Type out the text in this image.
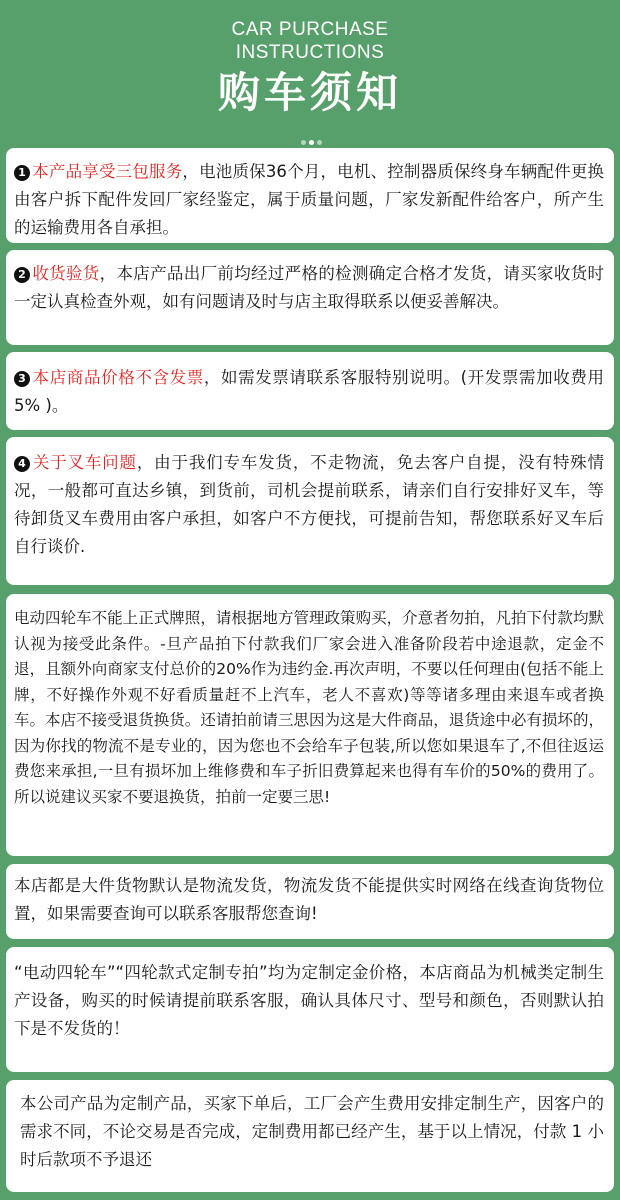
CAR PURCHASE
INSTRUCTIONS
购车须知
1 本产品享受三包服务，电池质保36个月，电机、控制器质保终身车辆配件更换由客户拆下配件发回厂家经鉴定，属于质量问题，厂家发新配件给客户，所产生的运输费用各自承担。
2 收货验货，本店产品出厂前均经过严格的检测确定合格才发货，请买家收货时一定认真检查外观，如有问题请及时与店主取得联系以便妥善解决。
3 本店商品价格不含发票，如需发票请联系客服特别说明。(开发票需加收费用5% )。
4 关于叉车问题，由于我们专车发货，不走物流，免去客户自提，没有特殊情况，一般都可直达乡镇，到货前，司机会提前联系，请亲们自行安排好叉车，等待卸货叉车费用由客户承担，如客户不方便找，可提前告知，帮您联系好叉车后自行谈价.
电动四轮车不能上正式牌照，请根据地方管理政策购买，介意者勿拍，凡拍下付款均默认视为接受此条件。-旦产品拍下付款我们厂家会进入准备阶段若中途退款，定金不退，且额外向商家支付总价的20%作为违约金.再次声明，不要以任何理由(包括不能上牌，不好操作外观不好看质量赶不上汽车，老人不喜欢)等等诸多理由来退车或者换车。本店不接受退货换货。还请拍前请三思因为这是大件商品，退货途中必有损坏的，因为你找的物流不是专业的，因为您也不会给车子包装,所以您如果退车了,不但往返运费您来承担,一旦有损坏加上维修费和车子折旧费算起来也得有车价的50%的费用了。所以说建议买家不要退换货，拍前一定要三思!
本店都是大件货物默认是物流发货，物流发货不能提供实时网络在线查询货物位置，如果需要查询可以联系客服帮您查询!
“电动四轮车”“四轮款式定制专拍”均为定制定金价格，本店商品为机械类定制生产设备，购买的时候请提前联系客服，确认具体尺寸、型号和颜色，否则默认拍下是不发货的！
本公司产品为定制产品，买家下单后，工厂会产生费用安排定制生产，因客户的需求不同，不论交易是否完成，定制费用都已经产生，基于以上情况，付款 1 小时后款项不予退还
